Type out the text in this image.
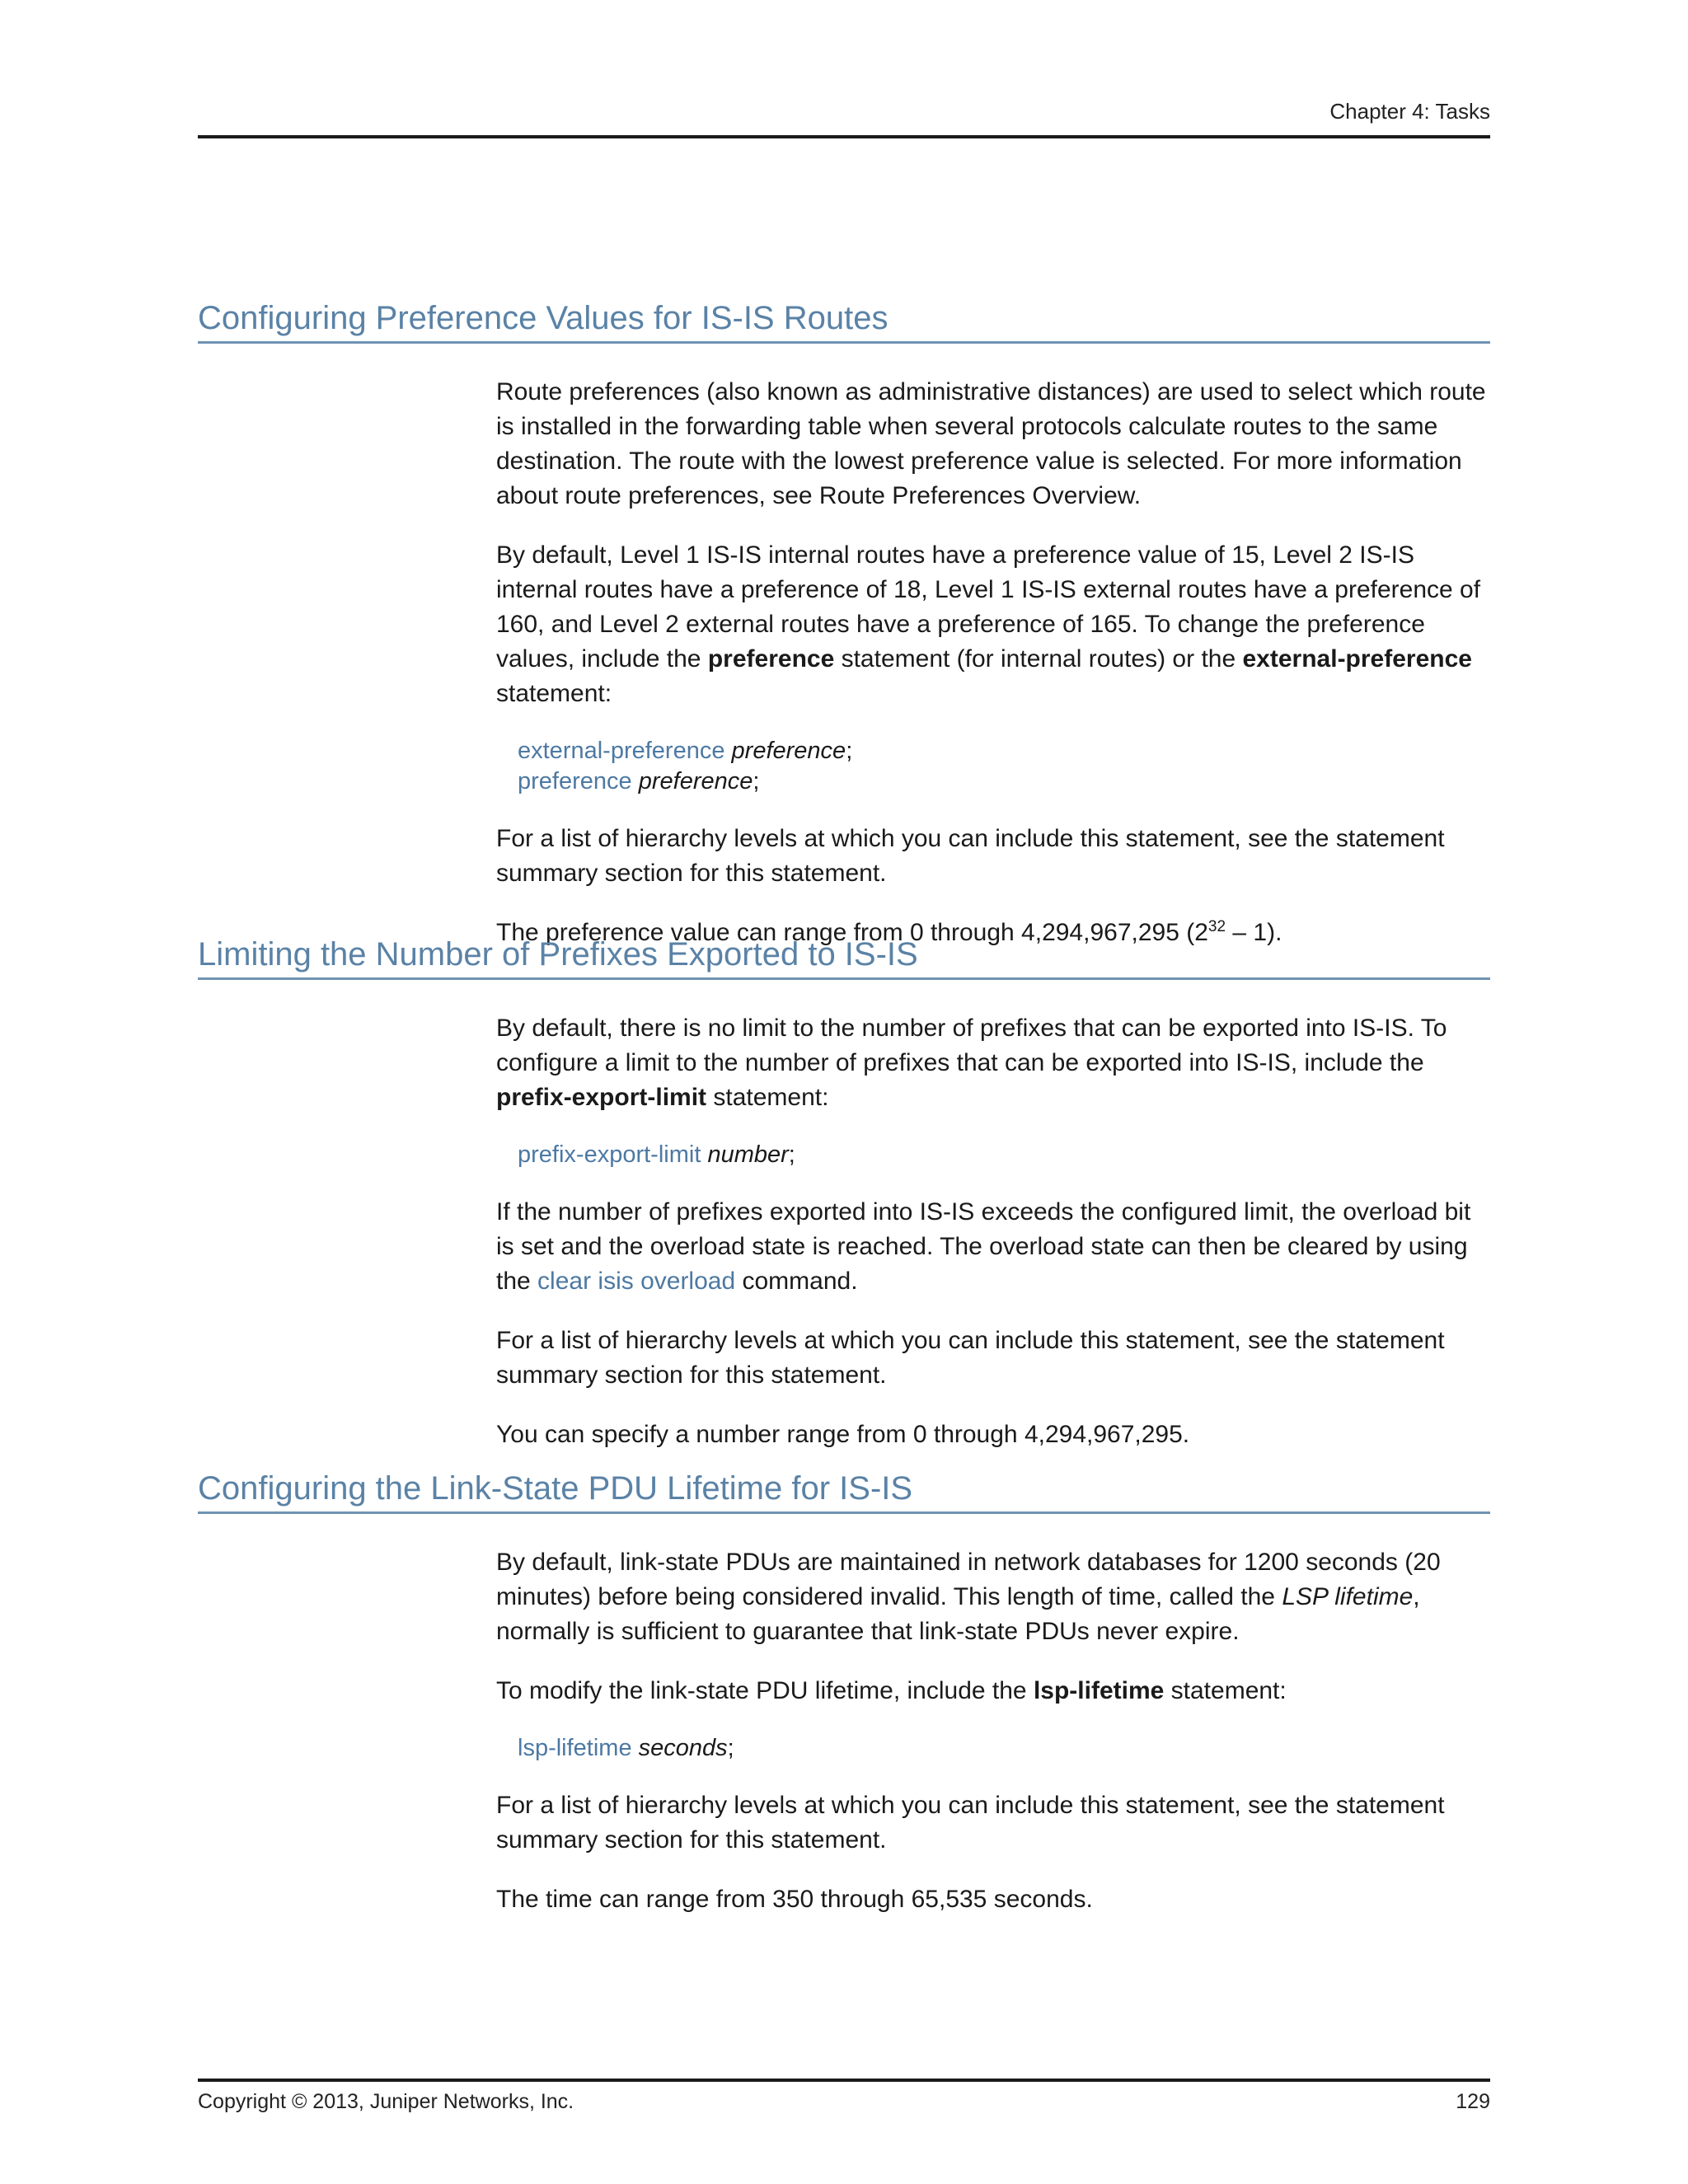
Chapter 4: Tasks
Configuring Preference Values for IS-IS Routes

Route preferences (also known as administrative distances) are used to select which route is installed in the forwarding table when several protocols calculate routes to the same destination. The route with the lowest preference value is selected. For more information about route preferences, see Route Preferences Overview.

By default, Level 1 IS-IS internal routes have a preference value of 15, Level 2 IS-IS internal routes have a preference of 18, Level 1 IS-IS external routes have a preference of 160, and Level 2 external routes have a preference of 165. To change the preference values, include the preference statement (for internal routes) or the external-preference statement:

external-preference preference;
preference preference;

For a list of hierarchy levels at which you can include this statement, see the statement summary section for this statement.

The preference value can range from 0 through 4,294,967,295 $(2^{32} - 1)$.

Limiting the Number of Prefixes Exported to IS-IS

By default, there is no limit to the number of prefixes that can be exported into IS-IS. To configure a limit to the number of prefixes that can be exported into IS-IS, include the prefix-export-limit statement:

prefix-export-limit number;

If the number of prefixes exported into IS-IS exceeds the configured limit, the overload bit is set and the overload state is reached. The overload state can then be cleared by using the clear isis overload command.

For a list of hierarchy levels at which you can include this statement, see the statement summary section for this statement.

You can specify a number range from 0 through 4,294,967,295.

Configuring the Link-State PDU Lifetime for IS-IS

By default, link-state PDUs are maintained in network databases for 1200 seconds (20 minutes) before being considered invalid. This length of time, called the LSP lifetime, normally is sufficient to guarantee that link-state PDUs never expire.

To modify the link-state PDU lifetime, include the lsp-lifetime statement:

lsp-lifetime seconds;

For a list of hierarchy levels at which you can include this statement, see the statement summary section for this statement.

The time can range from 350 through 65,535 seconds.

Copyright © 2013, Juniper Networks, Inc.	129
